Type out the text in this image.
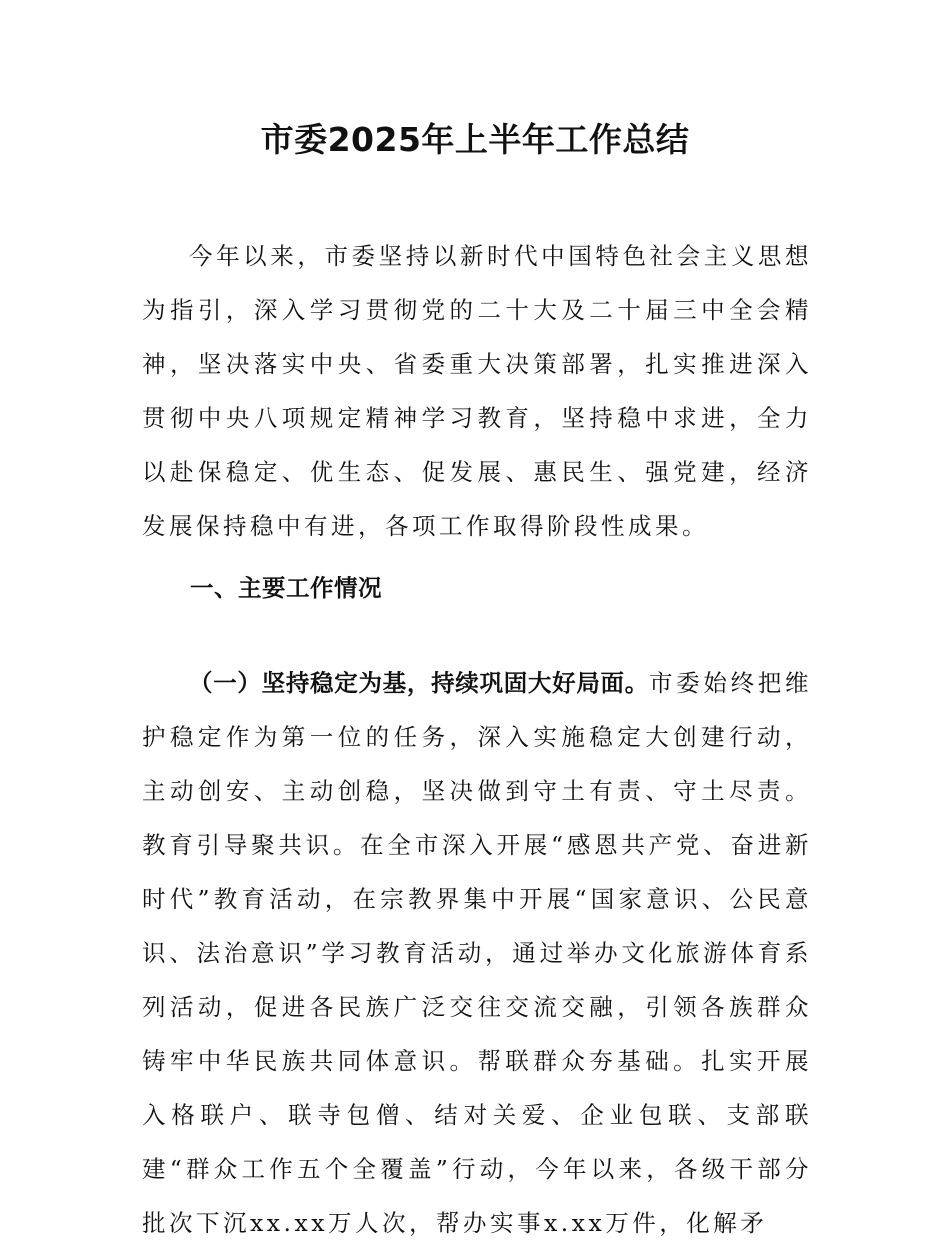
市委2025年上半年工作总结

今年以来，市委坚持以新时代中国特色社会主义思想为指引，深入学习贯彻党的二十大及二十届三中全会精神，坚决落实中央、省委重大决策部署，扎实推进深入贯彻中央八项规定精神学习教育，坚持稳中求进，全力以赴保稳定、优生态、促发展、惠民生、强党建，经济发展保持稳中有进，各项工作取得阶段性成果。

一、主要工作情况

（一）坚持稳定为基，持续巩固大好局面。市委始终把维护稳定作为第一位的任务，深入实施稳定大创建行动，主动创安、主动创稳，坚决做到守土有责、守土尽责。教育引导聚共识。在全市深入开展“感恩共产党、奋进新时代”教育活动，在宗教界集中开展“国家意识、公民意识、法治意识”学习教育活动，通过举办文化旅游体育系列活动，促进各民族广泛交往交流交融，引领各族群众铸牢中华民族共同体意识。帮联群众夯基础。扎实开展入格联户、联寺包僧、结对关爱、企业包联、支部联建“群众工作五个全覆盖”行动，今年以来，各级干部分批次下沉xx.xx万人次，帮办实事x.xx万件，化解矛
